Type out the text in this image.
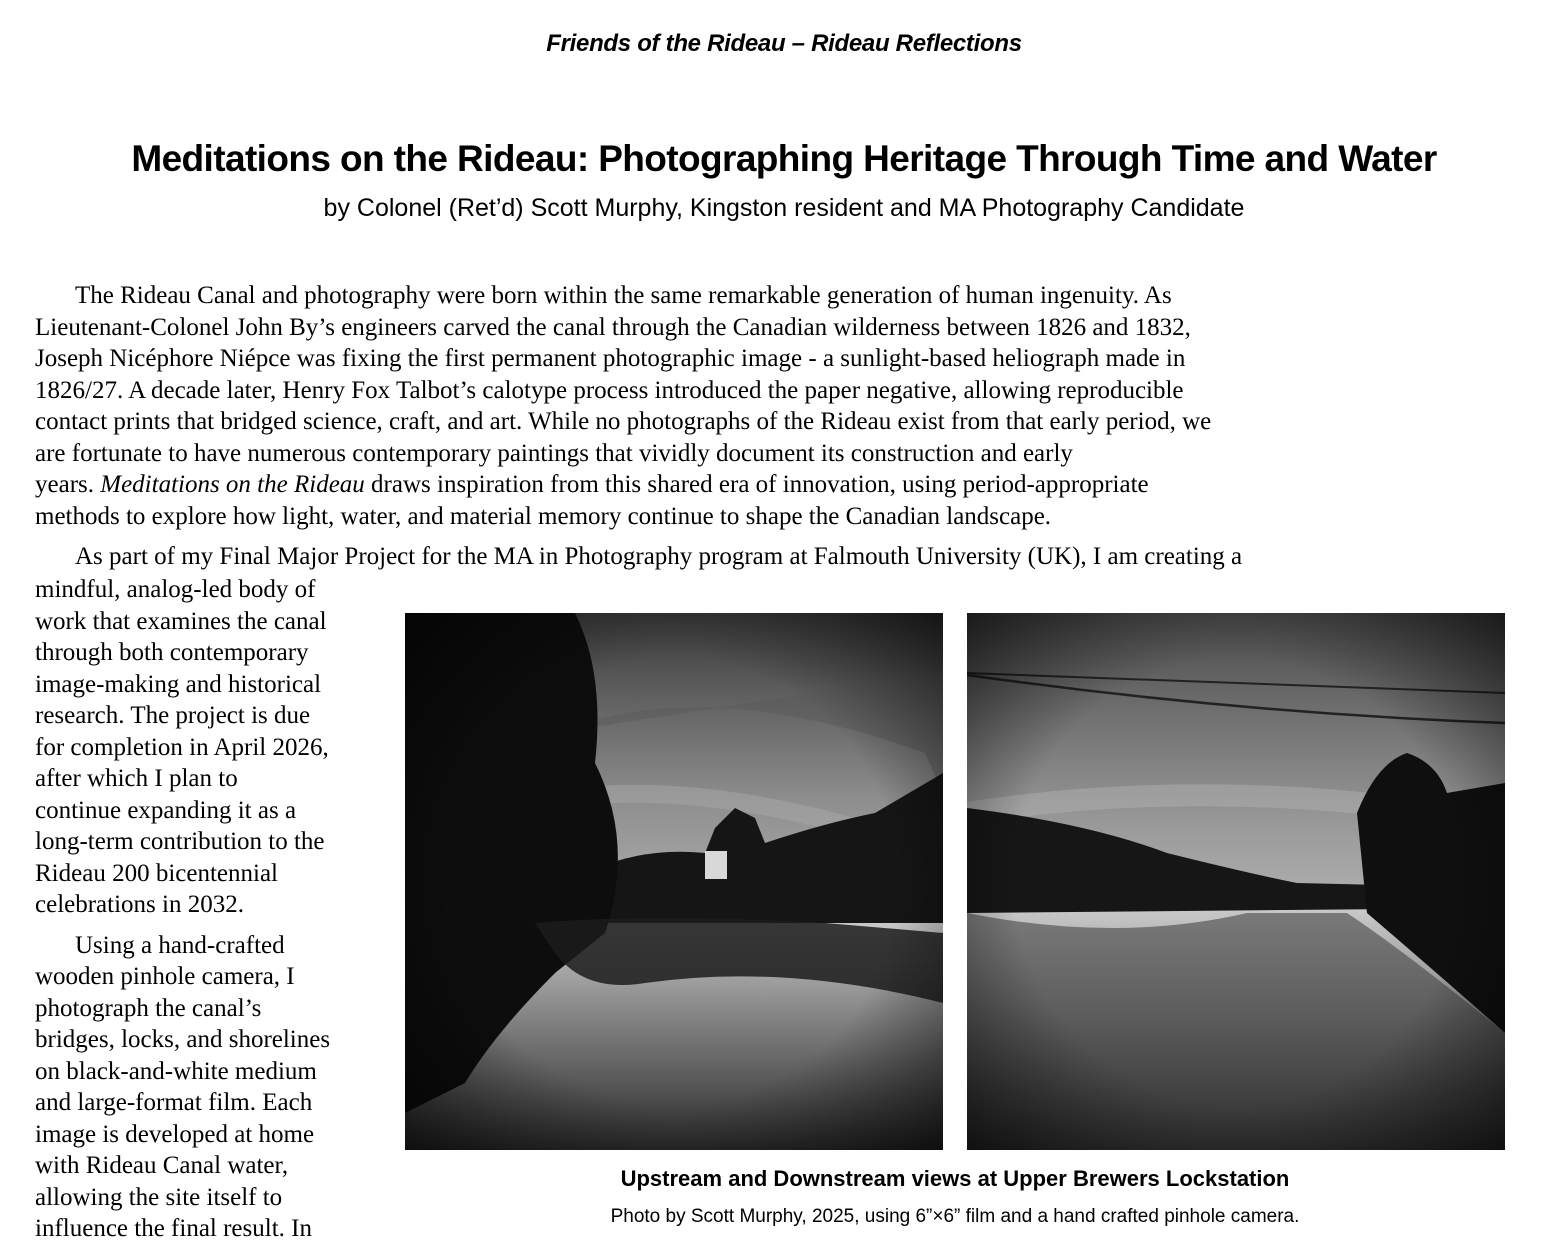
Friends of the Rideau – Rideau Reflections
Meditations on the Rideau: Photographing Heritage Through Time and Water

by Colonel (Ret’d) Scott Murphy, Kingston resident and MA Photography Candidate

The Rideau Canal and photography were born within the same remarkable generation of human ingenuity. As
Lieutenant-Colonel John By’s engineers carved the canal through the Canadian wilderness between 1826 and 1832,
Joseph Nicéphore Niépce was fixing the first permanent photographic image - a sunlight-based heliograph made in
1826/27. A decade later, Henry Fox Talbot’s calotype process introduced the paper negative, allowing reproducible
contact prints that bridged science, craft, and art. While no photographs of the Rideau exist from that early period, we
are fortunate to have numerous contemporary paintings that vividly document its construction and early
years. Meditations on the Rideau draws inspiration from this shared era of innovation, using period-appropriate
methods to explore how light, water, and material memory continue to shape the Canadian landscape.

As part of my Final Major Project for the MA in Photography program at Falmouth University (UK), I am creating a

mindful, analog-led body of
work that examines the canal
through both contemporary
image-making and historical
research. The project is due
for completion in April 2026,
after which I plan to
continue expanding it as a
long-term contribution to the
Rideau 200 bicentennial
celebrations in 2032.
Using a hand-crafted
wooden pinhole camera, I
photograph the canal’s
bridges, locks, and shorelines
on black-and-white medium
and large-format film. Each
image is developed at home
with Rideau Canal water,
allowing the site itself to
influence the final result. In

Upstream and Downstream views at Upper Brewers Lockstation

Photo by Scott Murphy, 2025, using 6”×6” film and a hand crafted pinhole camera.
